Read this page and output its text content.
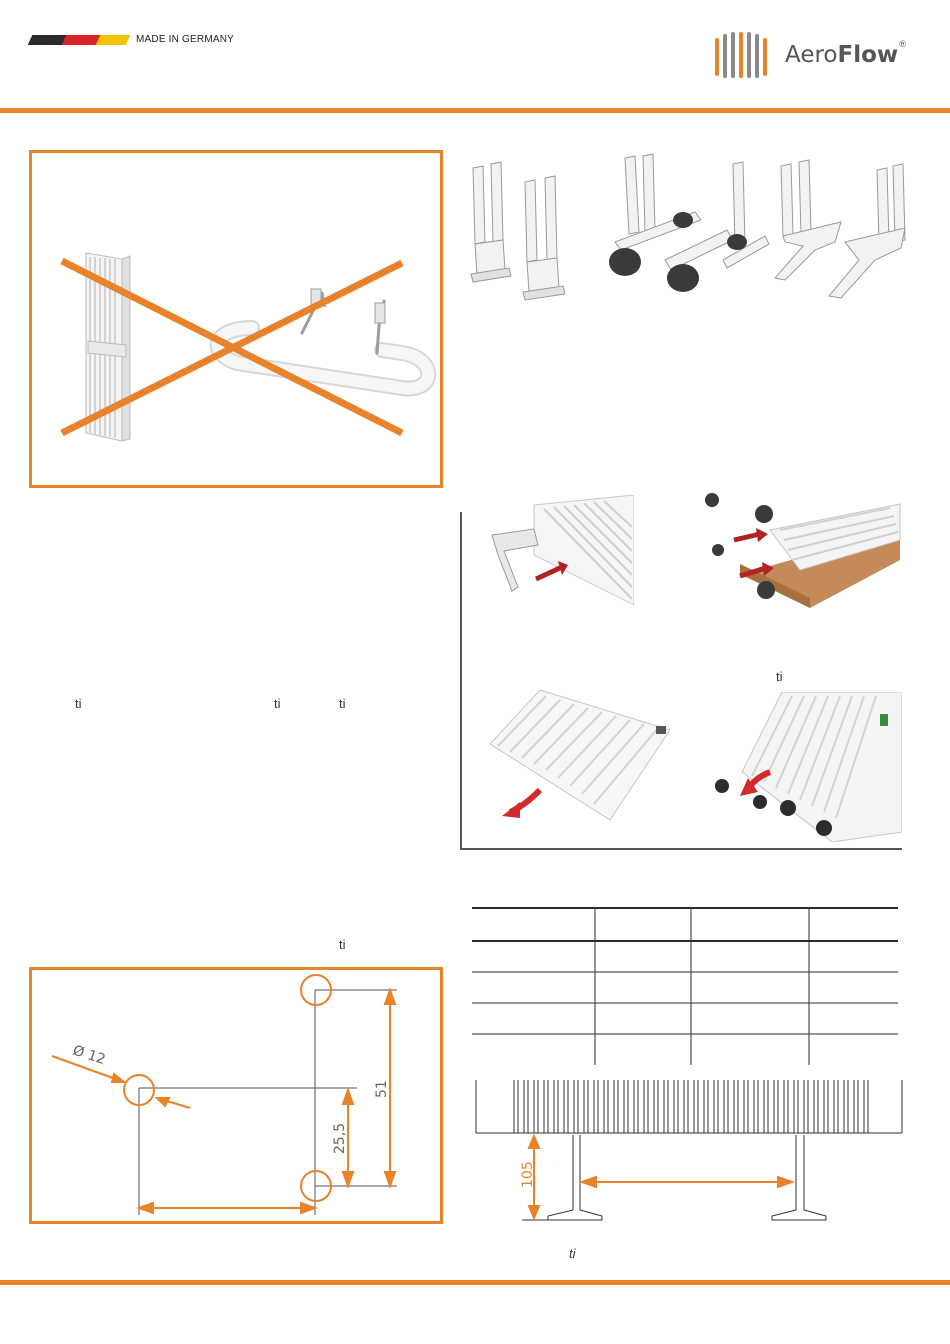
MADE IN GERMANY
AeroFlow®
ti
ti	ti	ti
ti
ti
Ø 12
25,5
51
105
